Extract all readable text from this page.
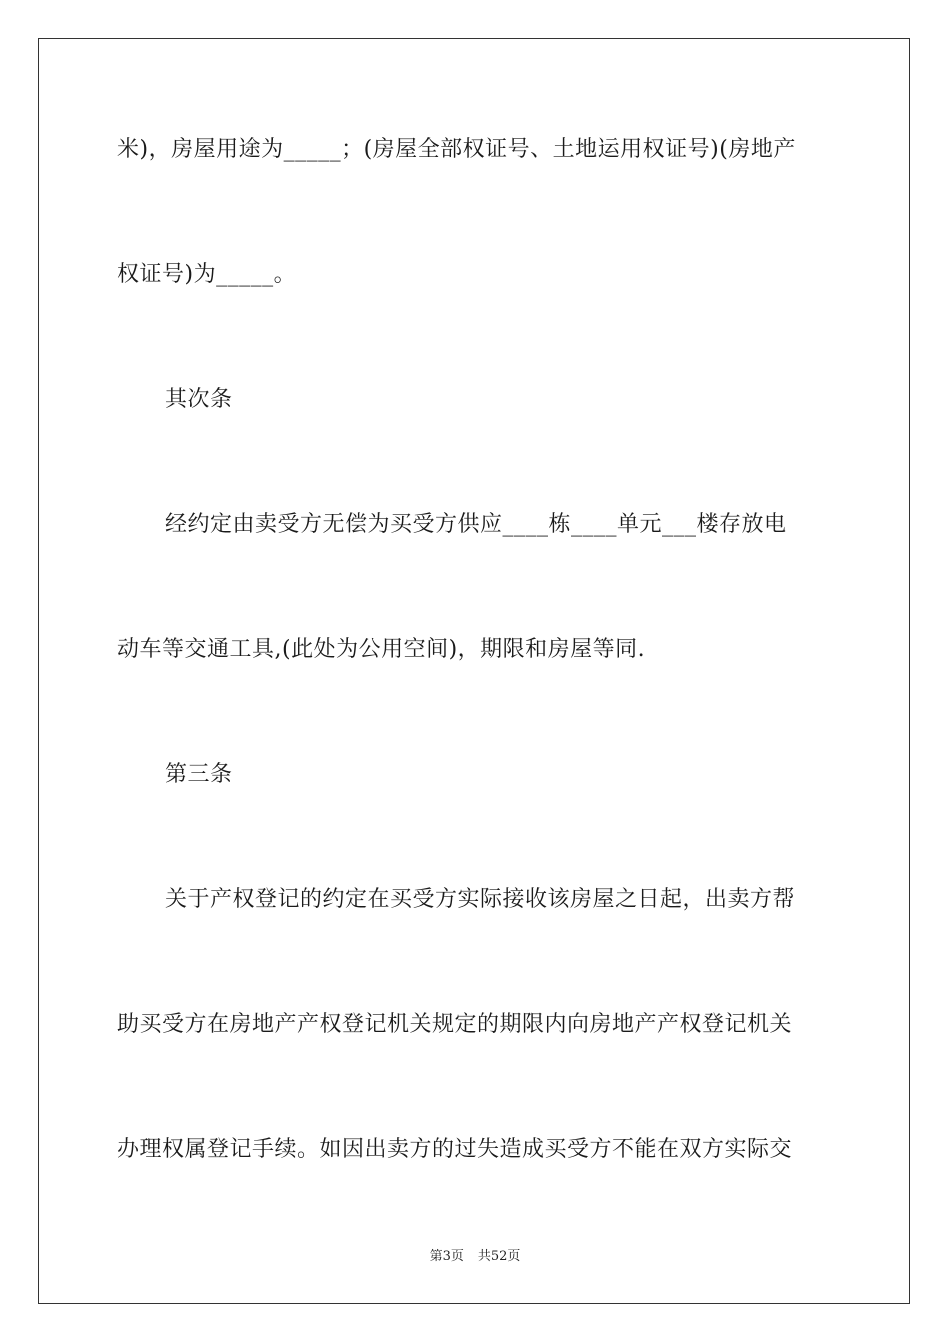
米)，房屋用途为_____；(房屋全部权证号、土地运用权证号)(房地产
权证号)为_____。
其次条
经约定由卖受方无偿为买受方供应____栋____单元___楼存放电
动车等交通工具,(此处为公用空间)，期限和房屋等同.
第三条
关于产权登记的约定在买受方实际接收该房屋之日起，出卖方帮
助买受方在房地产产权登记机关规定的期限内向房地产产权登记机关
办理权属登记手续。如因出卖方的过失造成买受方不能在双方实际交
第3页 共52页
